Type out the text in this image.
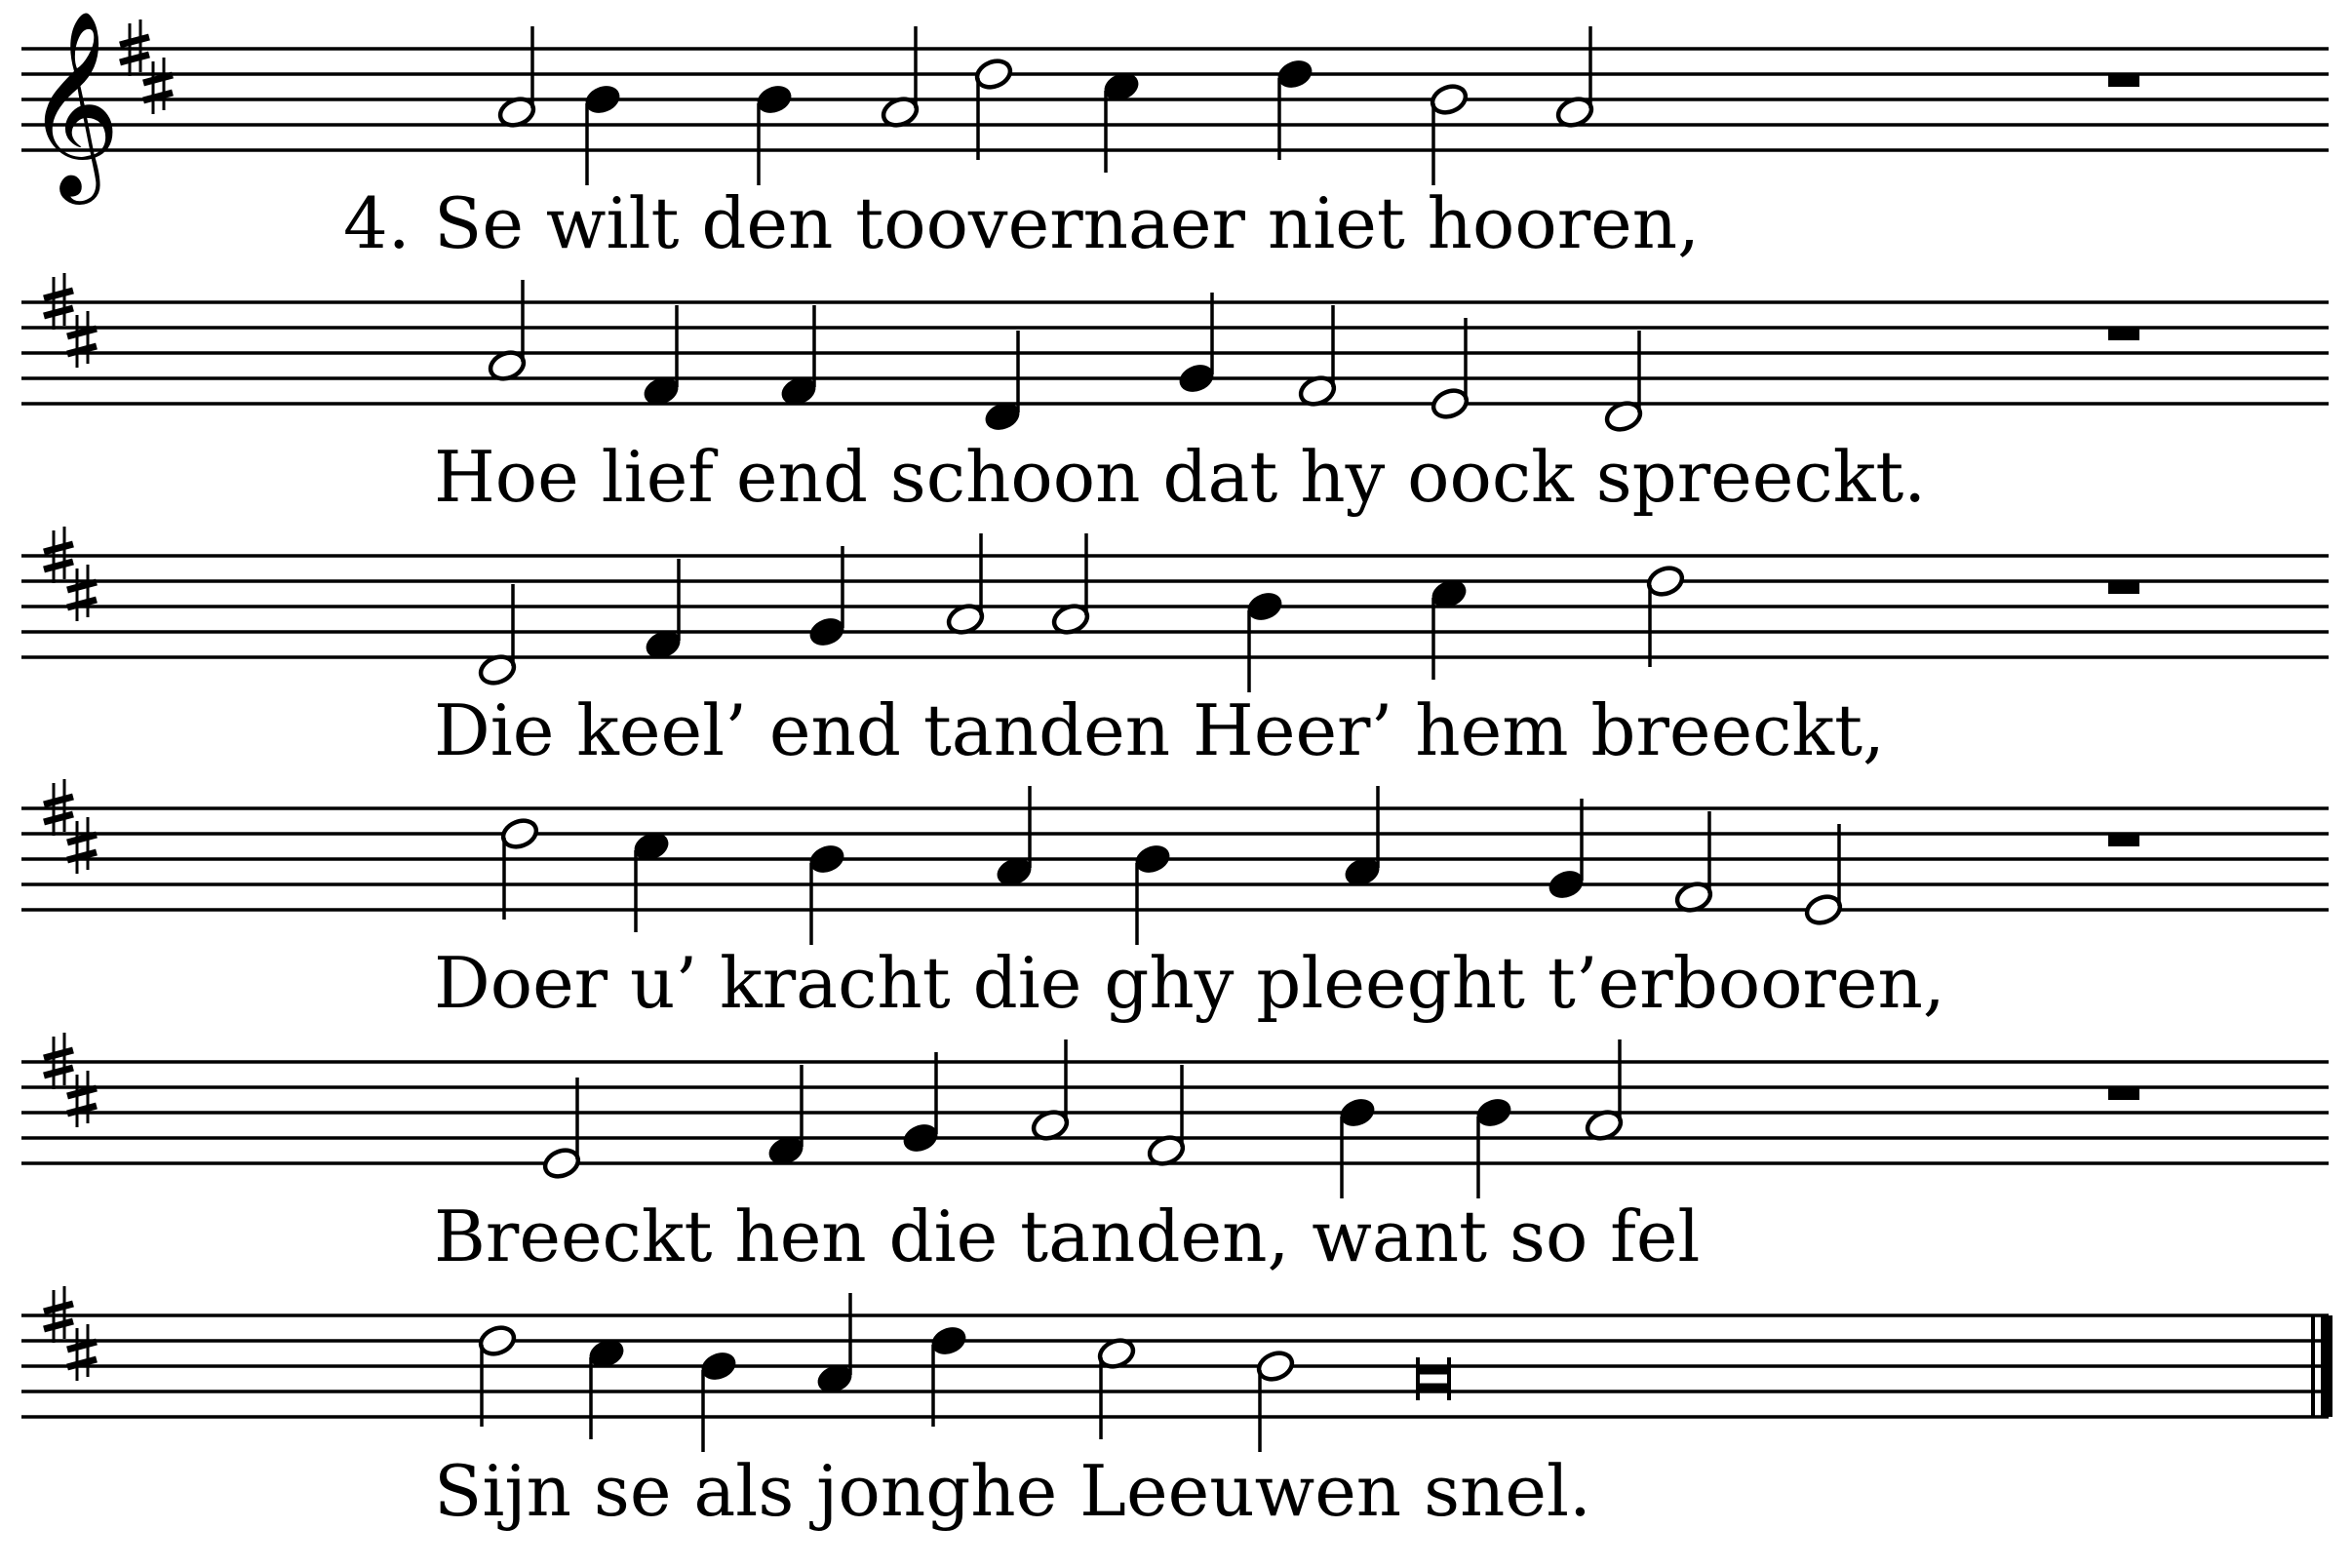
4.
𝄞
Se wilt den toovernaer niet hooren,
Hoe lief end schoon dat hy oock spreeckt.
Die keel’ end tanden Heer’ hem breeckt,
Doer u’ kracht die ghy pleeght t’erbooren,
Breeckt hen die tanden, want so fel
Sijn se als jonghe Leeuwen snel.
